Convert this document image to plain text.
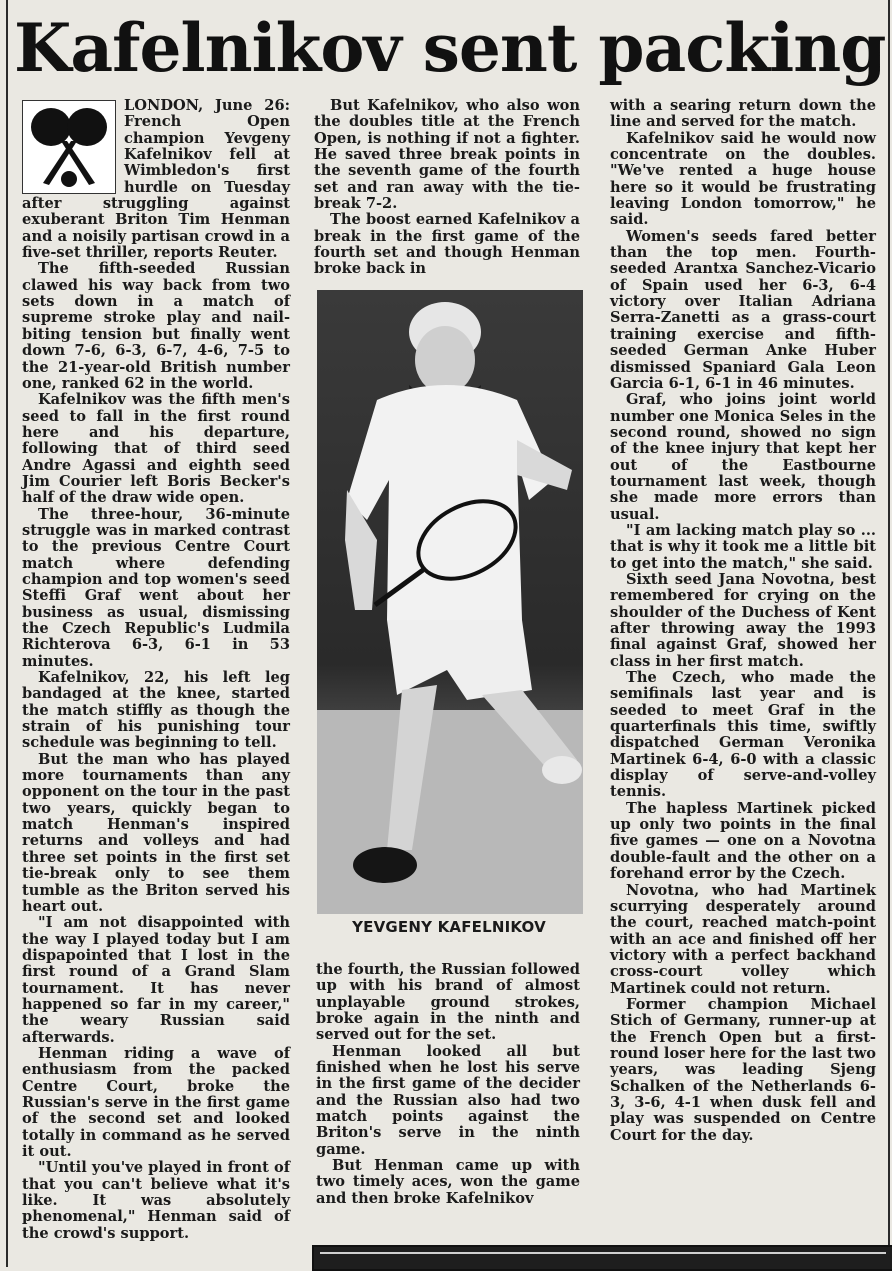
Kafelnikov sent packing

LONDON, June 26: French Open champion Yevgeny Kafelnikov fell at Wimbledon's first hurdle on Tuesday after struggling against exuberant Briton Tim Henman and a noisily partisan crowd in a five-set thriller, reports Reuter.

The fifth-seeded Russian clawed his way back from two sets down in a match of supreme stroke play and nail-biting tension but finally went down 7-6, 6-3, 6-7, 4-6, 7-5 to the 21-year-old British number one, ranked 62 in the world.

Kafelnikov was the fifth men's seed to fall in the first round here and his departure, following that of third seed Andre Agassi and eighth seed Jim Courier left Boris Becker's half of the draw wide open.

The three-hour, 36-minute struggle was in marked contrast to the previous Centre Court match where defending champion and top women's seed Steffi Graf went about her business as usual, dismissing the Czech Republic's Ludmila Richterova 6-3, 6-1 in 53 minutes.

Kafelnikov, 22, his left leg bandaged at the knee, started the match stiffly as though the strain of his punishing tour schedule was beginning to tell.

But the man who has played more tournaments than any opponent on the tour in the past two years, quickly began to match Henman's inspired returns and volleys and had three set points in the first set tie-break only to see them tumble as the Briton served his heart out.

"I am not disappointed with the way I played today but I am dispapointed that I lost in the first round of a Grand Slam tournament. It has never happened so far in my career," the weary Russian said afterwards.

Henman riding a wave of enthusiasm from the packed Centre Court, broke the Russian's serve in the first game of the second set and looked totally in command as he served it out.

"Until you've played in front of that you can't believe what it's like. It was absolutely phenomenal," Henman said of the crowd's support.

But Kafelnikov, who also won the doubles title at the French Open, is nothing if not a fighter. He saved three break points in the seventh game of the fourth set and ran away with the tie-break 7-2.

The boost earned Kafelnikov a break in the first game of the fourth set and though Henman broke back in

YEVGENY KAFELNIKOV

the fourth, the Russian followed up with his brand of almost unplayable ground strokes, broke again in the ninth and served out for the set.

Henman looked all but finished when he lost his serve in the first game of the decider and the Russian also had two match points against the Briton's serve in the ninth game.

But Henman came up with two timely aces, won the game and then broke Kafelnikov

with a searing return down the line and served for the match.

Kafelnikov said he would now concentrate on the doubles. "We've rented a huge house here so it would be frustrating leaving London tomorrow," he said.

Women's seeds fared better than the top men. Fourth-seeded Arantxa Sanchez-Vicario of Spain used her 6-3, 6-4 victory over Italian Adriana Serra-Zanetti as a grass-court training exercise and fifth-seeded German Anke Huber dismissed Spaniard Gala Leon Garcia 6-1, 6-1 in 46 minutes.

Graf, who joins joint world number one Monica Seles in the second round, showed no sign of the knee injury that kept her out of the Eastbourne tournament last week, though she made more errors than usual.

"I am lacking match play so ... that is why it took me a little bit to get into the match," she said.

Sixth seed Jana Novotna, best remembered for crying on the shoulder of the Duchess of Kent after throwing away the 1993 final against Graf, showed her class in her first match.

The Czech, who made the semifinals last year and is seeded to meet Graf in the quarterfinals this time, swiftly dispatched German Veronika Martinek 6-4, 6-0 with a classic display of serve-and-volley tennis.

The hapless Martinek picked up only two points in the final five games — one on a Novotna double-fault and the other on a forehand error by the Czech.

Novotna, who had Martinek scurrying desperately around the court, reached match-point with an ace and finished off her victory with a perfect backhand cross-court volley which Martinek could not return.

Former champion Michael Stich of Germany, runner-up at the French Open but a first-round loser here for the last two years, was leading Sjeng Schalken of the Netherlands 6-3, 3-6, 4-1 when dusk fell and play was suspended on Centre Court for the day.
